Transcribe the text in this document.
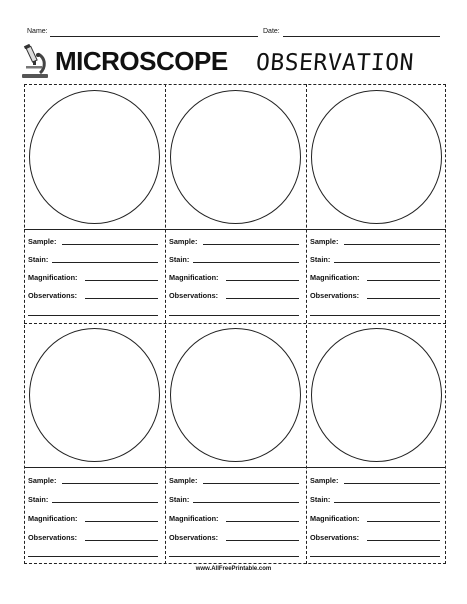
Name:	Date:
MICROSCOPE OBSERVATION
Sample:
Stain:
Magnification:
Observations:
Sample:
Stain:
Magnification:
Observations:
Sample:
Stain:
Magnification:
Observations:
Sample:
Stain:
Magnification:
Observations:
Sample:
Stain:
Magnification:
Observations:
Sample:
Stain:
Magnification:
Observations:
www.AllFreePrintable.com
